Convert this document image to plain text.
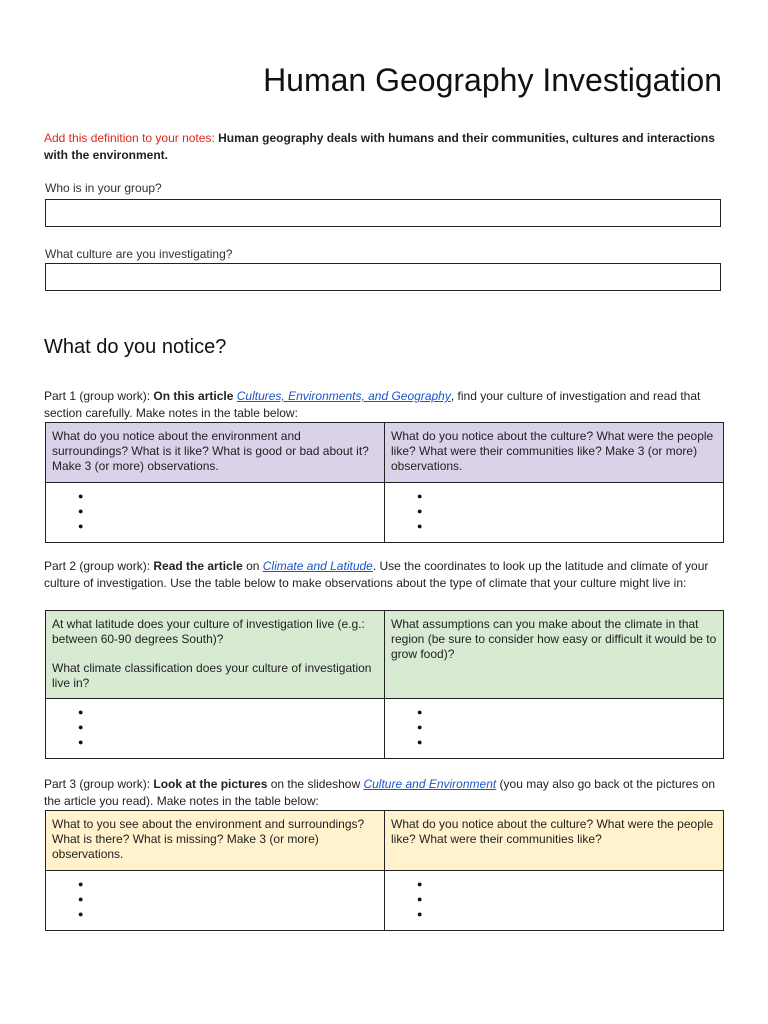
Human Geography Investigation
Add this definition to your notes: Human geography deals with humans and their communities, cultures and interactions with the environment.
Who is in your group?
What culture are you investigating?
What do you notice?
Part 1 (group work): On this article Cultures, Environments, and Geography, find your culture of investigation and read that section carefully. Make notes in the table below:
What do you notice about the environment and surroundings? What is it like? What is good or bad about it? Make 3 (or more) observations.	What do you notice about the culture? What were the people like? What were their communities like? Make 3 (or more) observations.

●
●
●

●
●
●
Part 2 (group work): Read the article on Climate and Latitude. Use the coordinates to look up the latitude and climate of your culture of investigation. Use the table below to make observations about the type of climate that your culture might live in:
At what latitude does your culture of investigation live (e.g.: between 60-90 degrees South)?
What climate classification does your culture of investigation live in?	What assumptions can you make about the climate in that region (be sure to consider how easy or difficult it would be to grow food)?

●
●
●

●
●
●
Part 3 (group work): Look at the pictures on the slideshow Culture and Environment (you may also go back ot the pictures on the article you read). Make notes in the table below:
What to you see about the environment and surroundings? What is there? What is missing? Make 3 (or more) observations.	What do you notice about the culture? What were the people like? What were their communities like?

●
●
●

●
●
●
